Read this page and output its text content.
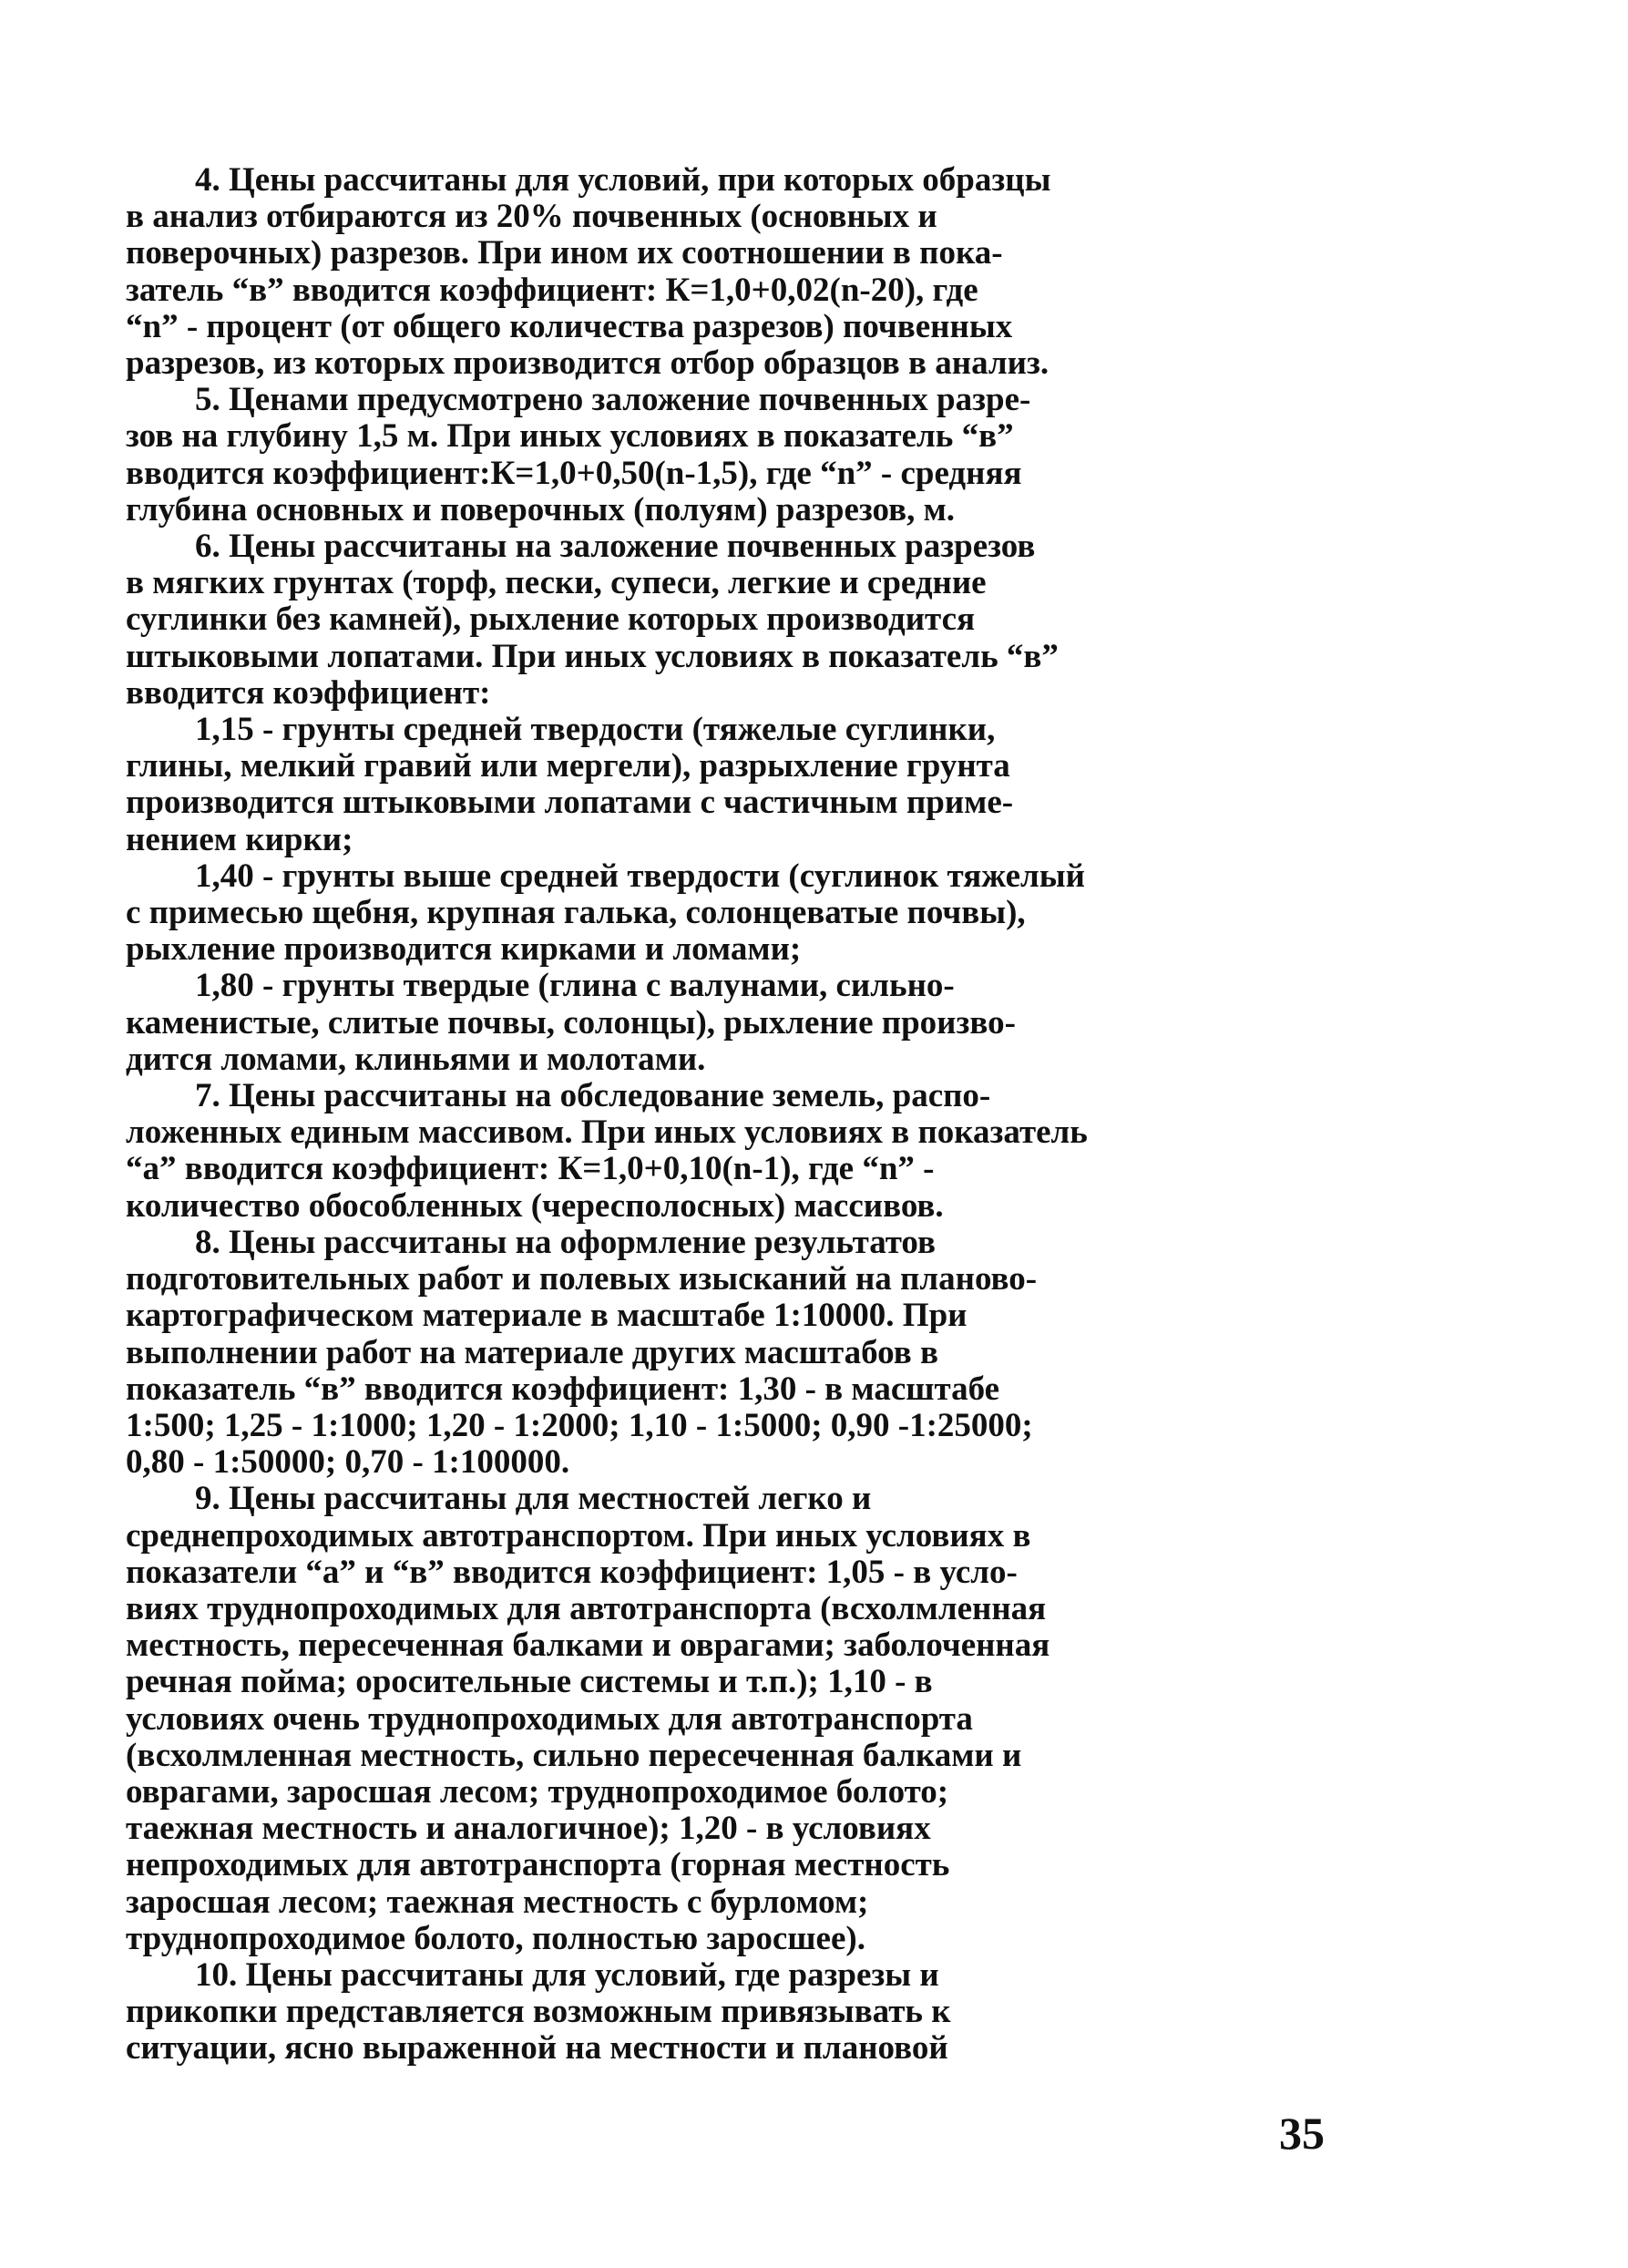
4. Цены рассчитаны для условий, при которых образцы
в анализ отбираются из 20% почвенных (основных и
поверочных) разрезов. При ином их соотношении в пока-
затель “в” вводится коэффициент: К=1,0+0,02(n-20), где
“n” - процент (от общего количества разрезов) почвенных
разрезов, из которых производится отбор образцов в анализ.

5. Ценами предусмотрено заложение почвенных разре-
зов на глубину 1,5 м. При иных условиях в показатель “в”
вводится коэффициент:К=1,0+0,50(n-1,5), где “n” - средняя
глубина основных и поверочных (полуям) разрезов, м.

6. Цены рассчитаны на заложение почвенных разрезов
в мягких грунтах (торф, пески, супеси, легкие и средние
суглинки без камней), рыхление которых производится
штыковыми лопатами. При иных условиях в показатель “в”
вводится коэффициент:

1,15 - грунты средней твердости (тяжелые суглинки,
глины, мелкий гравий или мергели), разрыхление грунта
производится штыковыми лопатами с частичным приме-
нением кирки;

1,40 - грунты выше средней твердости (суглинок тяжелый
с примесью щебня, крупная галька, солонцеватые почвы),
рыхление производится кирками и ломами;

1,80 - грунты твердые (глина с валунами, сильно-
каменистые, слитые почвы, солонцы), рыхление произво-
дится ломами, клиньями и молотами.

7. Цены рассчитаны на обследование земель, распо-
ложенных единым массивом. При иных условиях в показатель
“а” вводится коэффициент: К=1,0+0,10(n-1), где “n” -
количество обособленных (чересполосных) массивов.

8. Цены рассчитаны на оформление результатов
подготовительных работ и полевых изысканий на планово-
картографическом материале в масштабе 1:10000. При
выполнении работ на материале других масштабов в
показатель “в” вводится коэффициент: 1,30 - в масштабе
1:500; 1,25 - 1:1000; 1,20 - 1:2000; 1,10 - 1:5000; 0,90 -1:25000;
0,80 - 1:50000; 0,70 - 1:100000.

9. Цены рассчитаны для местностей легко и
среднепроходимых автотранспортом. При иных условиях в
показатели “а” и “в” вводится коэффициент: 1,05 - в усло-
виях труднопроходимых для автотранспорта (всхолмленная
местность, пересеченная балками и оврагами; заболоченная
речная пойма; оросительные системы и т.п.); 1,10 - в
условиях очень труднопроходимых для автотранспорта
(всхолмленная местность, сильно пересеченная балками и
оврагами, заросшая лесом; труднопроходимое болото;
таежная местность и аналогичное); 1,20 - в условиях
непроходимых для автотранспорта (горная местность
заросшая лесом; таежная местность с бурломом;
труднопроходимое болото, полностью заросшее).

10. Цены рассчитаны для условий, где разрезы и
прикопки представляется возможным привязывать к
ситуации, ясно выраженной на местности и плановой

35
